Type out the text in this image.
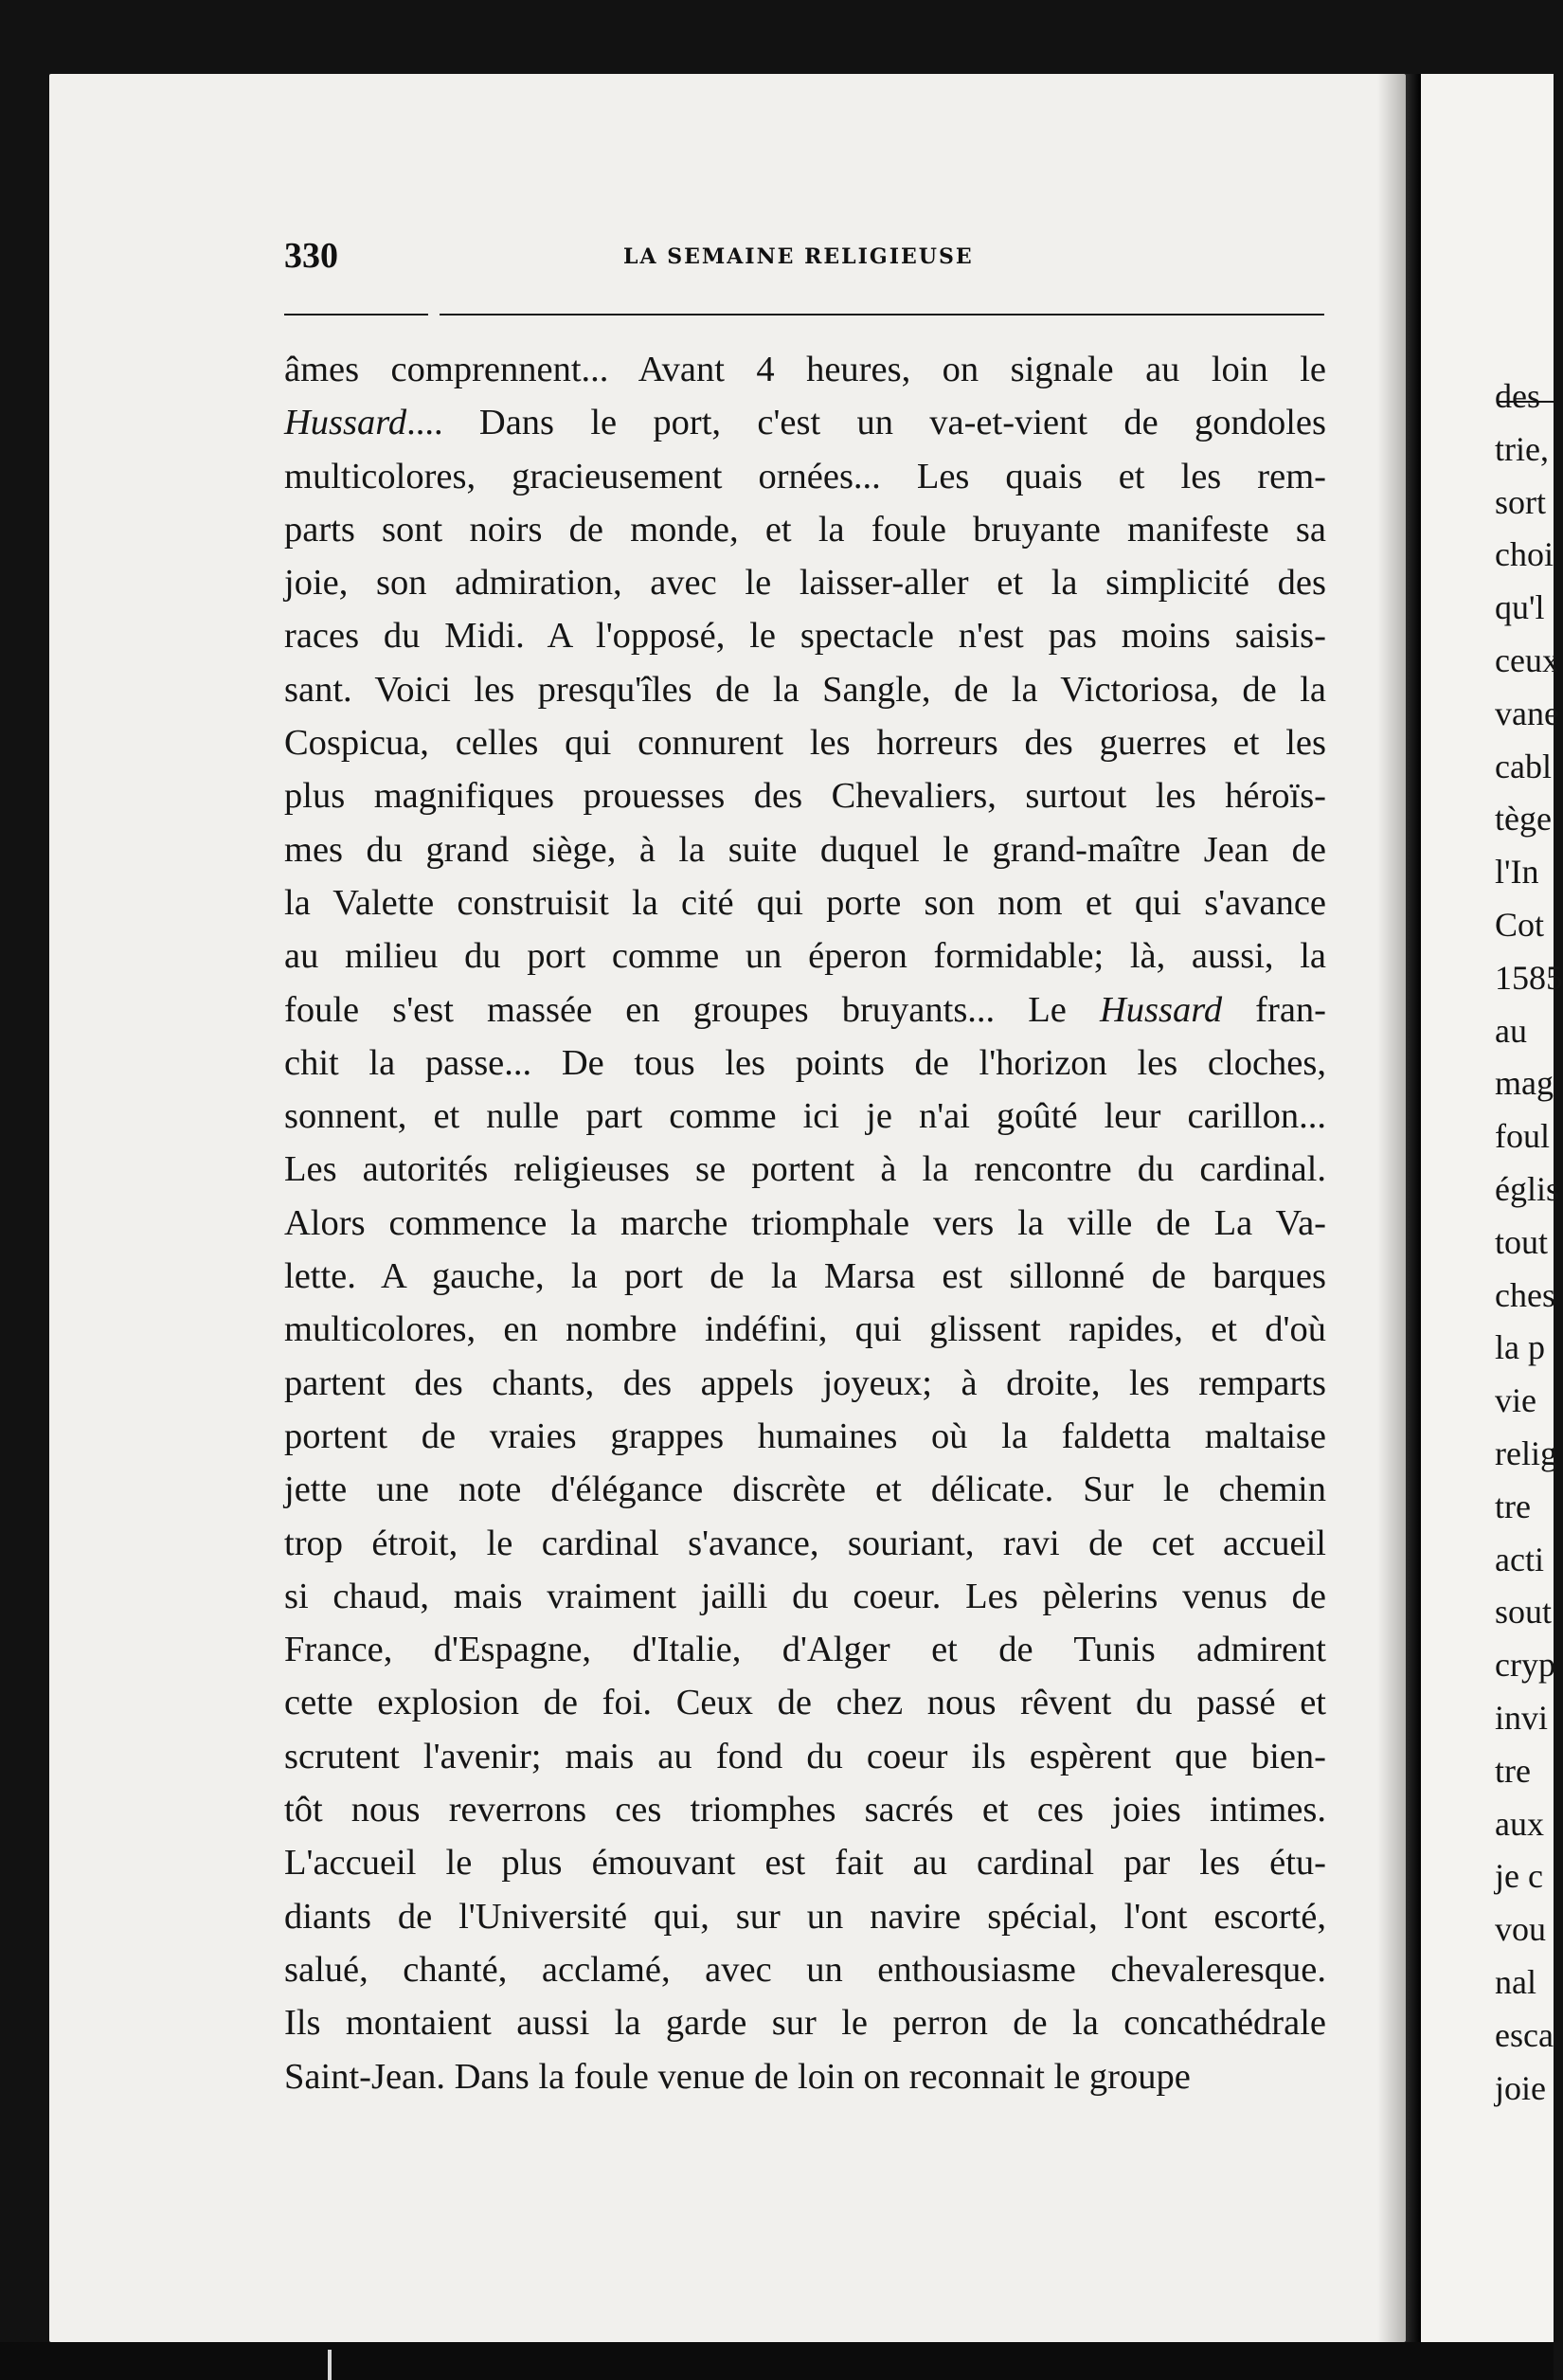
330	LA SEMAINE RELIGIEUSE
âmes comprennent... Avant 4 heures, on signale au loin le
Hussard.... Dans le port, c'est un va-et-vient de gondoles
multicolores, gracieusement ornées... Les quais et les rem-
parts sont noirs de monde, et la foule bruyante manifeste sa
joie, son admiration, avec le laisser-aller et la simplicité des
races du Midi. A l'opposé, le spectacle n'est pas moins saisis-
sant. Voici les presqu'îles de la Sangle, de la Victoriosa, de la
Cospicua, celles qui connurent les horreurs des guerres et les
plus magnifiques prouesses des Chevaliers, surtout les héroïs-
mes du grand siège, à la suite duquel le grand-maître Jean de
la Valette construisit la cité qui porte son nom et qui s'avance
au milieu du port comme un éperon formidable; là, aussi, la
foule s'est massée en groupes bruyants... Le Hussard fran-
chit la passe... De tous les points de l'horizon les cloches,
sonnent, et nulle part comme ici je n'ai goûté leur carillon...
Les autorités religieuses se portent à la rencontre du cardinal.
Alors commence la marche triomphale vers la ville de La Va-
lette. A gauche, la port de la Marsa est sillonné de barques
multicolores, en nombre indéfini, qui glissent rapides, et d'où
partent des chants, des appels joyeux; à droite, les remparts
portent de vraies grappes humaines où la faldetta maltaise
jette une note d'élégance discrète et délicate. Sur le chemin
trop étroit, le cardinal s'avance, souriant, ravi de cet accueil
si chaud, mais vraiment jailli du coeur. Les pèlerins venus de
France, d'Espagne, d'Italie, d'Alger et de Tunis admirent
cette explosion de foi. Ceux de chez nous rêvent du passé et
scrutent l'avenir; mais au fond du coeur ils espèrent que bien-
tôt nous reverrons ces triomphes sacrés et ces joies intimes.
L'accueil le plus émouvant est fait au cardinal par les étu-
diants de l'Université qui, sur un navire spécial, l'ont escorté,
salué, chanté, acclamé, avec un enthousiasme chevaleresque.
Ils montaient aussi la garde sur le perron de la concathédrale
Saint-Jean. Dans la foule venue de loin on reconnait le groupe
des
trie,
sort
choi
qu'l
ceux
vane
cabl
tège
l'In
Cot
1585
au
mag
foul
églis
tout
ches
la p
vie
relig
tre
acti
sout
cryp
invi
tre
aux
je c
vou
nal
esca
joie
